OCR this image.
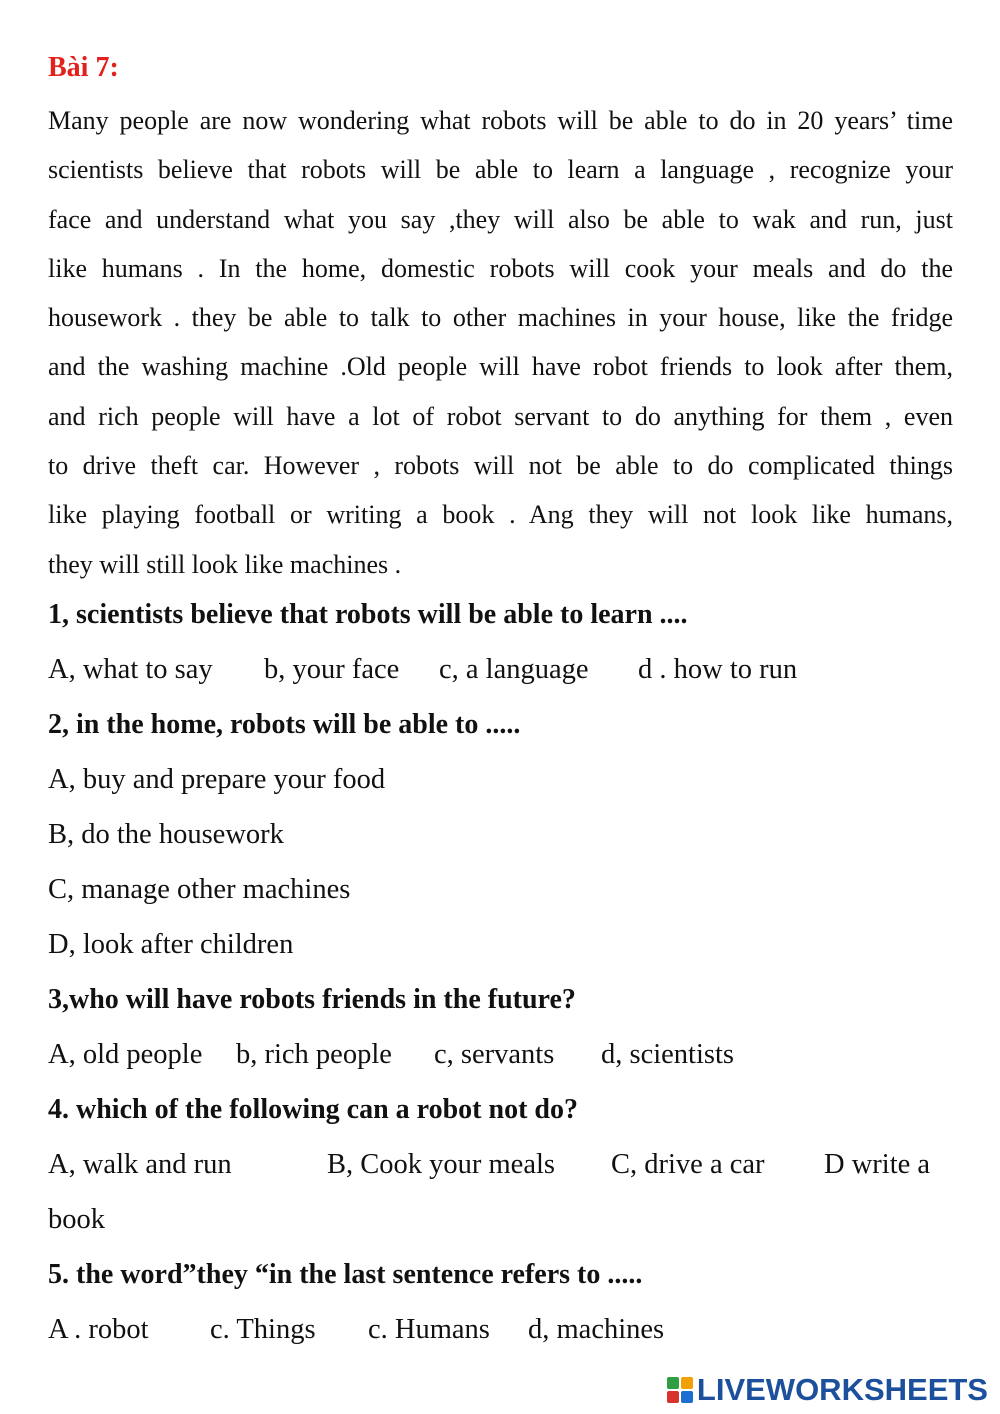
Bài 7:
Many people are now wondering what robots will be able to do in 20 years’ time
scientists believe that robots will be able to learn a language , recognize your
face and understand what you say ,they will also be able to wak and run, just
like humans . In the home, domestic robots will cook your meals and do the
housework . they be able to talk to other machines in your house, like the fridge
and the washing machine .Old people will have robot friends to look after them,
and rich people will have a lot of robot servant to do anything for them , even
to drive theft car. However , robots will not be able to do complicated things
like playing football or writing a book . Ang they will not look like humans,
they will still look like machines .
1, scientists believe that robots will be able to learn ....
A, what to say b, your face c, a language d . how to run
2, in the home, robots will be able to .....
A, buy and prepare your food
B, do the housework
C, manage other machines
D, look after children
3,who will have robots friends in the future?
A, old people b, rich people c, servants d, scientists
4. which of the following can a robot not do?
A, walk and run	B, Cook your meals C, drive a car D write a
book
5. the word”they “in the last sentence refers to .....
A . robot c. Things c. Humans d, machines
LIVEWORKSHEETS
